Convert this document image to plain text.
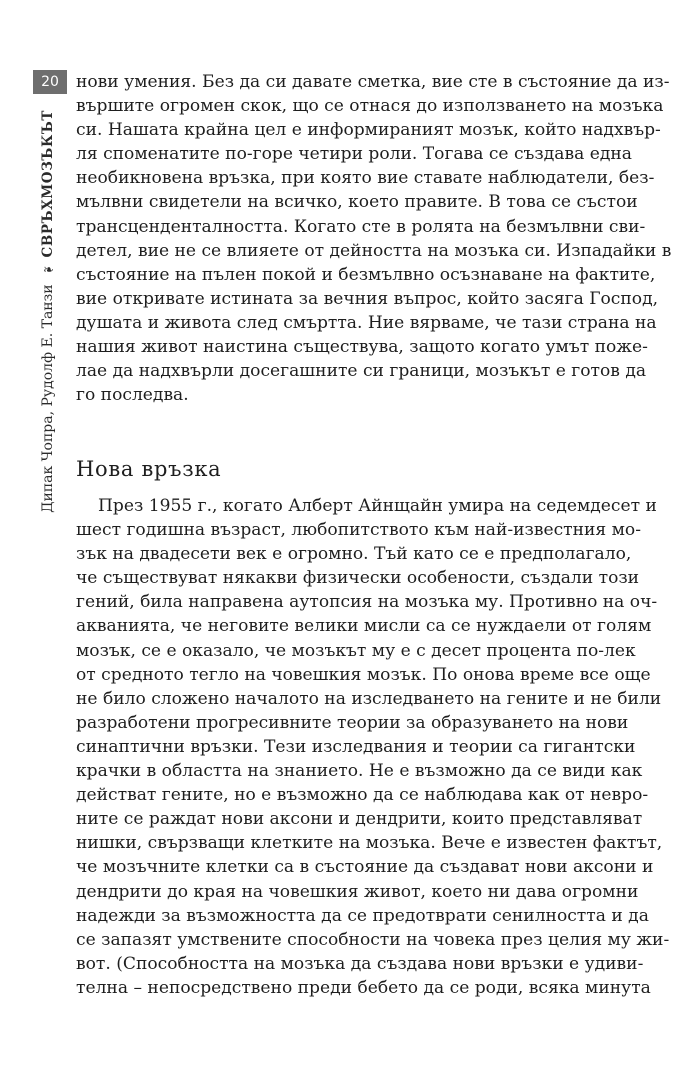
20
Дипак Чопра, Рудолф Е. Танзи
❧
СВРЪХМОЗЪКЪТ
нови умения. Без да си давате сметка, вие сте в състояние да из-
вършите огромен скок, що се отнася до използването на мозъка
си. Нашата крайна цел е информираният мозък, който надхвър-
ля споменатите по-горе четири роли. Тогава се създава една
необикновена връзка, при която вие ставате наблюдатели, без-
мълвни свидетели на всичко, което правите. В това се състои
трансценденталността. Когато сте в ролята на безмълвни сви-
детел, вие не се влияете от дейността на мозъка си. Изпадайки в
състояние на пълен покой и безмълвно осъзнаване на фактите,
вие откривате истината за вечния въпрос, който засяга Господ,
душата и живота след смъртта. Ние вярваме, че тази страна на
нашия живот наистина съществува, защото когато умът поже-
лае да надхвърли досегашните си граници, мозъкът е готов да
го последва.
Нова връзка
През 1955 г., когато Алберт Айнщайн умира на седемдесет и
шест годишна възраст, любопитството към най-известния мо-
зък на двадесети век е огромно. Тъй като се е предполагало,
че съществуват някакви физически особености, създали този
гений, била направена аутопсия на мозъка му. Противно на оч-
акванията, че неговите велики мисли са се нуждаели от голям
мозък, се е оказало, че мозъкът му е с десет процента по-лек
от средното тегло на човешкия мозък. По онова време все още
не било сложено началото на изследването на гените и не били
разработени прогресивните теории за образуването на нови
синаптични връзки. Тези изследвания и теории са гигантски
крачки в областта на знанието. Не е възможно да се види как
действат гените, но е възможно да се наблюдава как от невро-
ните се раждат нови аксони и дендрити, които представляват
нишки, свързващи клетките на мозъка. Вече е известен фактът,
че мозъчните клетки са в състояние да създават нови аксони и
дендрити до края на човешкия живот, което ни дава огромни
надежди за възможността да се предотврати сенилността и да
се запазят умствените способности на човека през целия му жи-
вот. (Способността на мозъка да създава нови връзки е удиви-
телна – непосредствено преди бебето да се роди, всяка минута
